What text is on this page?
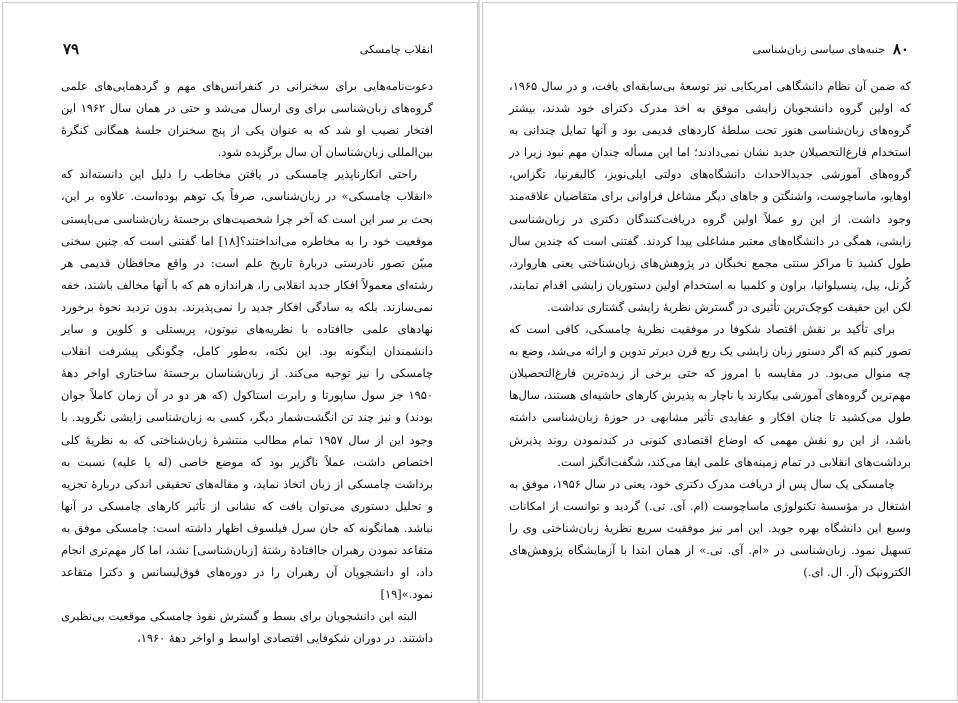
۷۹	انقلاب چامسکی

دعوت‌نامه‌هایی برای سخنرانی در کنفرانس‌های مهم و گردهمایی‌های علمی گروه‌های زبان‌شناسی برای وی ارسال می‌شد و حتی در همان سال ۱۹۶۲ این افتخار نصیب او شد که به عنوان یکی از پنج سخنران جلسهٔ همگانی کنگرهٔ بین‌المللی زبان‌شناسان آن سال برگزیده شود.

راحتی انکارناپذیر چامسکی در یافتن مخاطب را دلیل این دانسته‌اند که «انقلاب چامسکی» در زبان‌شناسی، صرفاً یک توهم بوده‌است. علاوه بر این، بحث بر سر این است که آخر چرا شخصیت‌های برجستهٔ زبان‌شناسی می‌بایستی موقعیت خود را به مخاطره می‌انداختند؟[۱۸] اما گفتنی است که چنین سخنی مبیّن تصور نادرستی دربارهٔ تاریخ علم است: در واقع محافظان قدیمی هر رشته‌ای معمولاً افکار جدید انقلابی را، هراندازه هم که با آنها مخالف باشند، خفه نمی‌سازند. بلکه به سادگی افکار جدید را نمی‌پذیرند. بدون تردید نحوهٔ برخورد نهادهای علمی جاافتاده با نظریه‌های نیوتون، پریستلی و کلوین و سایر دانشمندان اینگونه بود. این نکته، به‌طور کامل، چگونگی پیشرفت انقلاب چامسکی را نیز توجیه می‌کند. از زبان‌شناسان برجستهٔ ساختاری اواخر دههٔ ۱۹۵۰ جز سول ساپورتا و رابرت استاکول (که هر دو در آن زمان کاملاً جوان بودند) و نیز چند تن انگشت‌شمار دیگر، کسی به زبان‌شناسی زایشی نگروید. با وجود این از سال ۱۹۵۷ تمام مطالب منتشرهٔ زبان‌شناختی که به نظریهٔ کلی اختصاص داشت، عملاً ناگزیر بود که موضع خاصی (له یا علیه) نسبت به برداشت چامسکی از زبان اتخاذ نماید، و مقاله‌های تحقیقی اندکی دربارهٔ تجزیه و تحلیل دستوری می‌توان یافت که نشانی از تأثیر کارهای چامسکی در آنها نباشد. همانگونه که جان سرل فیلسوف اظهار داشته است: چامسکی موفق به متقاعد نمودن رهبران جاافتادهٔ رشتهٔ [زبان‌شناسی] نشد، اما کار مهم‌تری انجام داد، او دانشجویان آن رهبران را در دوره‌های فوق‌لیسانس و دکترا متقاعد نمود.»[۱۹]

البته این دانشجویان برای بسط و گسترش نفوذ چامسکی موقعیت بی‌نظیری داشتند. در دوران شکوفایی اقتصادی اواسط و اواخر دههٔ ۱۹۶۰،

۸۰
جنبه‌های سیاسی زبان‌شناسی

که ضمن آن نظام دانشگاهی امریکایی نیز توسعهٔ بی‌سابقه‌ای یافت، و در سال ۱۹۶۵، که اولین گروه دانشجویان زایشی موفق به اخذ مدرک دکترای خود شدند، بیشتر گروه‌های زبان‌شناسی هنوز تحت سلطهٔ کاردهای قدیمی بود و آنها تمایل چندانی به استخدام فارغ‌التحصیلان جدید نشان نمی‌دادند؛ اما این مسأله چندان مهم نبود زیرا در گروه‌های آموزشی جدیدالاحداث دانشگاه‌های دولتی ایلی‌نویز، کالیفرنیا، تگزاس، اوهایو، ماساچوست، واشنگتن و جاهای دیگر مشاغل فراوانی برای متقاضیان علاقه‌مند وجود داشت. از این رو عملاً اولین گروه دریافت‌کنندگان دکتری در زبان‌شناسی زایشی، همگی در دانشگاه‌های معتبر مشاغلی پیدا کردند. گفتنی است که چندین سال طول کشید تا مراکز سنتی مجمع نخبگان در پژوهش‌های زبان‌شناختی یعنی هاروارد، کُرنل، ییل، پنسیلوانیا، براون و کلمبیا به استخدام اولین دستوریان زایشی اقدام نمایند، لکن این حقیقت کوچک‌ترین تأثیری در گسترش نظریهٔ زایشی گشتاری نداشت.

برای تأکید بر نقش اقتصاد شکوفا در موفقیت نظریهٔ چامسکی، کافی است که تصور کنیم که اگر دستور زبان زایشی یک ربع قرن دیرتر تدوین و ارائه می‌شد، وضع به چه منوال می‌بود. در مقایسه با امروز که حتی برخی از زبده‌ترین فارغ‌التحصیلان مهم‌ترین گروه‌های آموزشی بیکارند یا ناچار به پذیرش کارهای حاشیه‌ای هستند، سال‌ها طول می‌کشید تا چنان افکار و عقایدی تأثیر مشابهی در حوزهٔ زبان‌شناسی داشته باشد، از این رو نقش مهمی که اوضاع اقتصادی کنونی در کندنمودن روند پذیرش برداشت‌های انقلابی در تمام زمینه‌های علمی ایفا می‌کند، شگفت‌انگیز است.

چامسکی یک سال پس از دریافت مدرک دکتری خود، یعنی در سال ۱۹۵۶، موفق به اشتغال در مؤسسهٔ تکنولوژی ماساچوست (ام. آی. تی.) گردید و توانست از امکانات وسیع این دانشگاه بهره جوید. این امر نیز موفقیت سریع نظریهٔ زبان‌شناختی وی را تسهیل نمود. زبان‌شناسی در «ام. آی. تی.» از همان ابتدا با آزمایشگاه پژوهش‌های الکترونیک (آر. ال. ای.)
